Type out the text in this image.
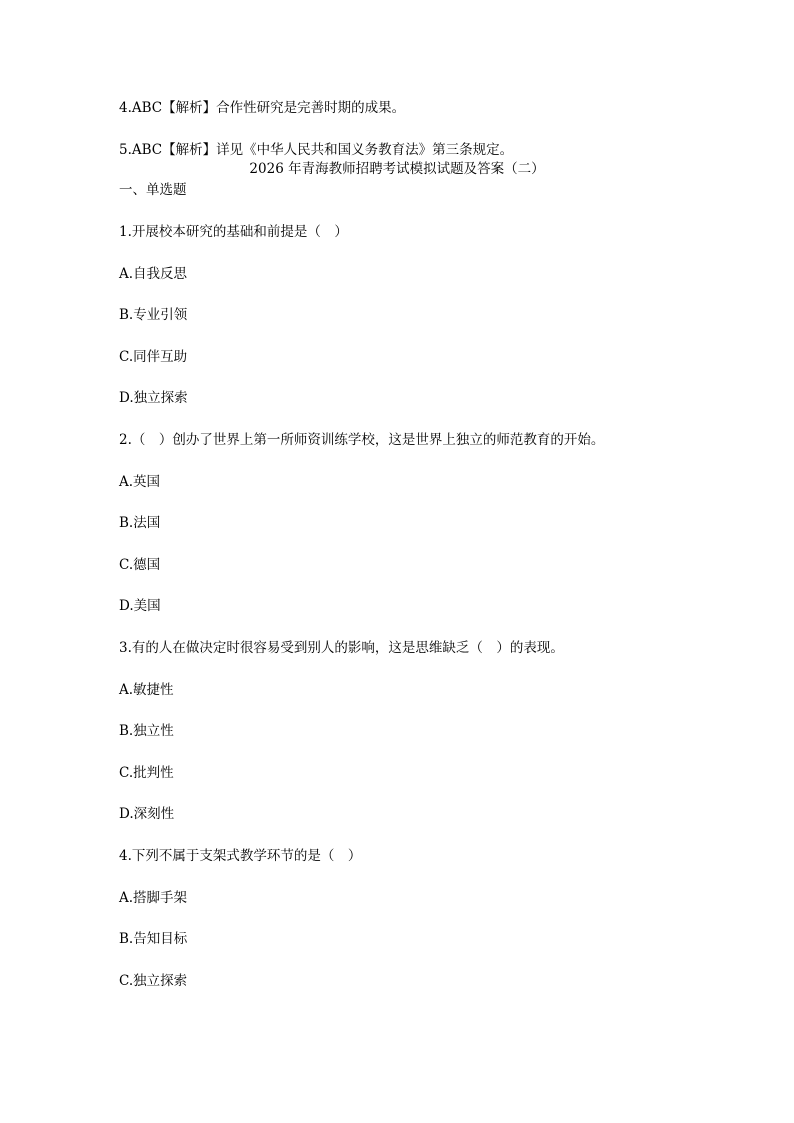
4.ABC【解析】合作性研究是完善时期的成果。
5.ABC【解析】详见《中华人民共和国义务教育法》第三条规定。
2026 年青海教师招聘考试模拟试题及答案（二）
一、单选题
1.开展校本研究的基础和前提是（　）
A.自我反思
B.专业引领
C.同伴互助
D.独立探索
2.（　）创办了世界上第一所师资训练学校，这是世界上独立的师范教育的开始。
A.英国
B.法国
C.德国
D.美国
3.有的人在做决定时很容易受到别人的影响，这是思维缺乏（　）的表现。
A.敏捷性
B.独立性
C.批判性
D.深刻性
4.下列不属于支架式教学环节的是（　）
A.搭脚手架
B.告知目标
C.独立探索
